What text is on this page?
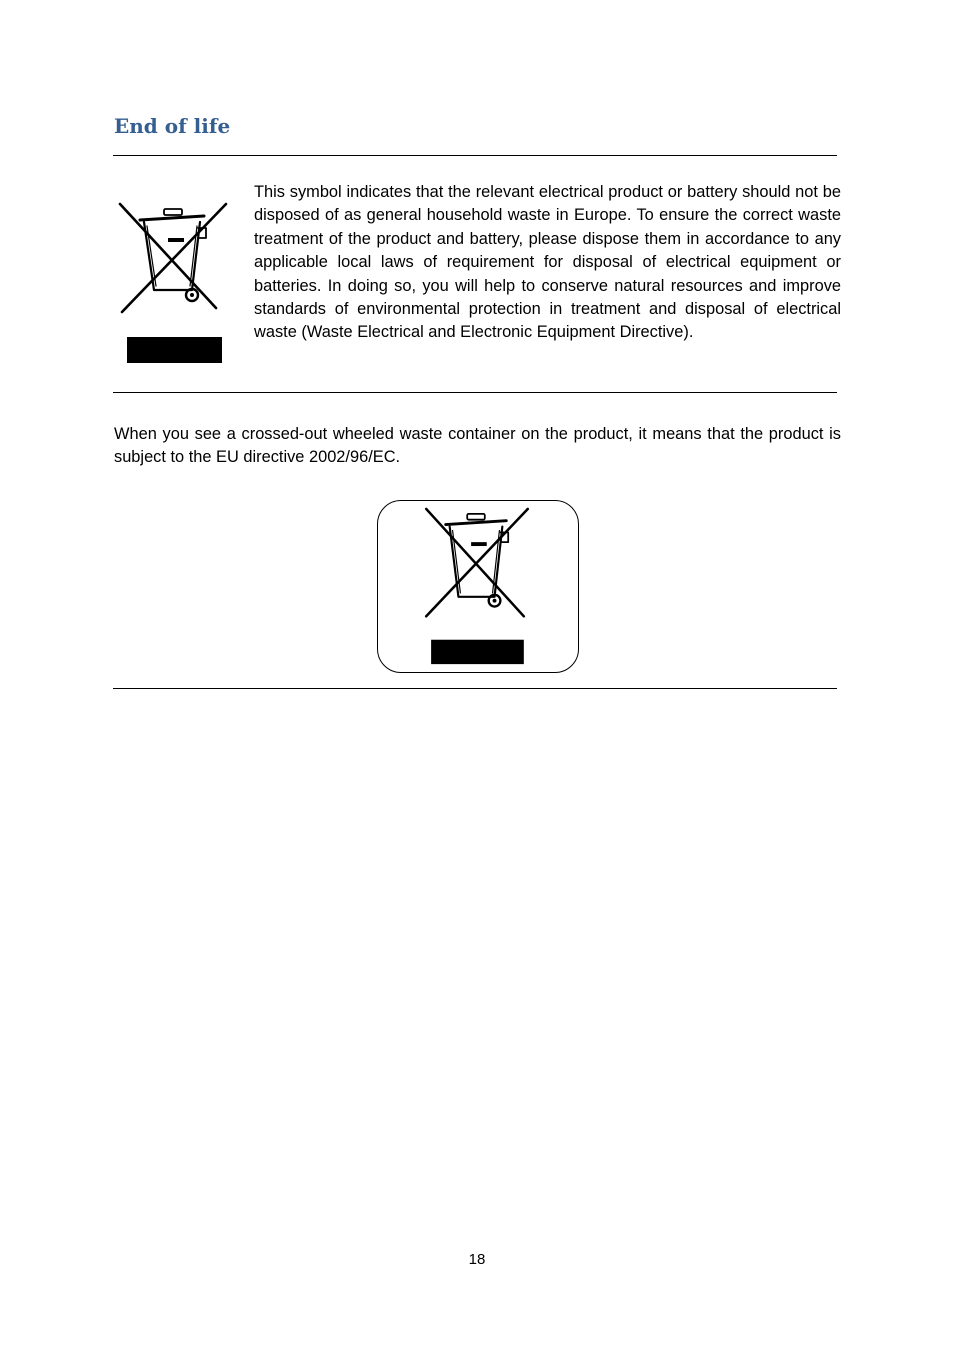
End of life

This symbol indicates that the relevant electrical product or battery should not be disposed of as general household waste in Europe. To ensure the correct waste treatment of the product and battery, please dispose them in accordance to any applicable local laws of requirement for disposal of electrical equipment or batteries. In doing so, you will help to conserve natural resources and improve standards of environmental protection in treatment and disposal of electrical waste (Waste Electrical and Electronic Equipment Directive).

When you see a crossed-out wheeled waste container on the product, it means that the product is subject to the EU directive 2002/96/EC.

18
